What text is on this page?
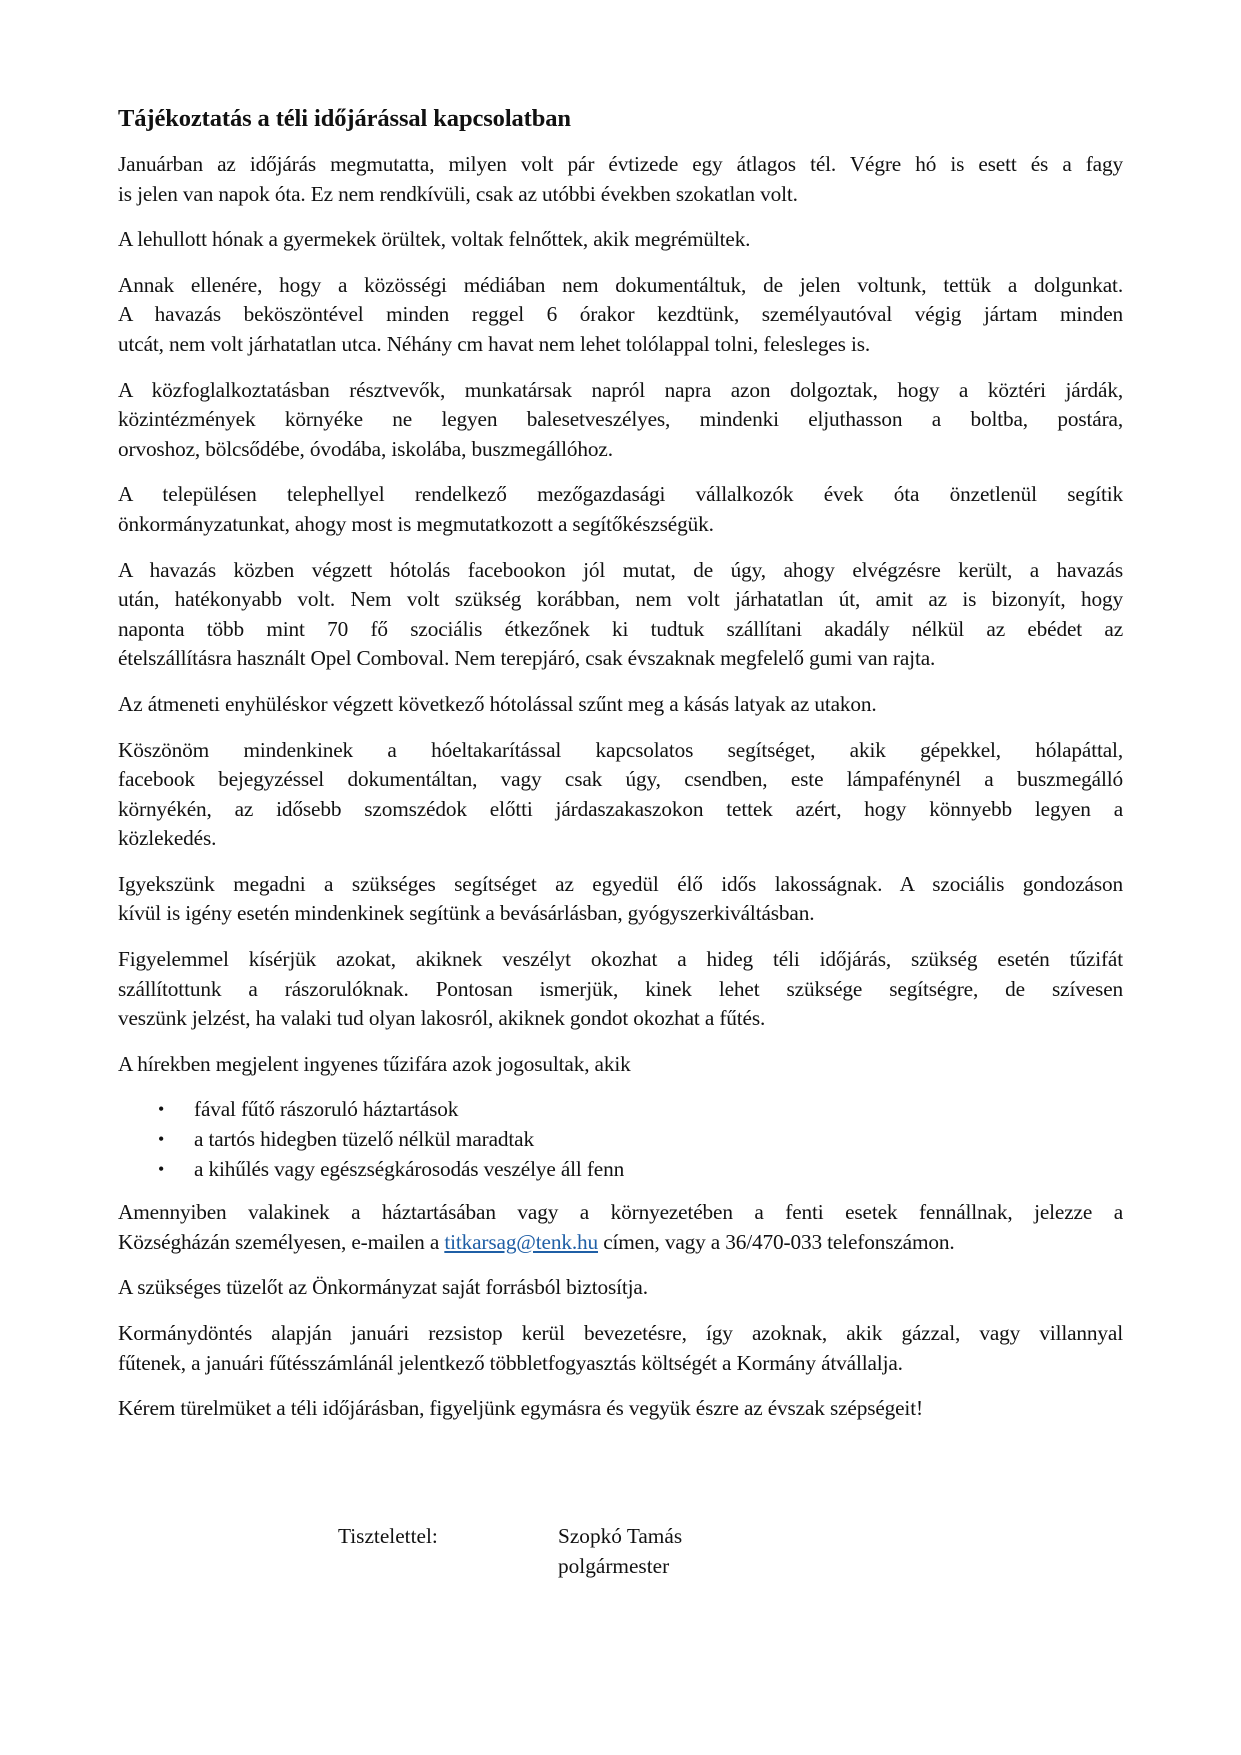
Tájékoztatás a téli időjárással kapcsolatban

Januárban az időjárás megmutatta, milyen volt pár évtizede egy átlagos tél. Végre hó is esett és a fagy
is jelen van napok óta. Ez nem rendkívüli, csak az utóbbi években szokatlan volt.

A lehullott hónak a gyermekek örültek, voltak felnőttek, akik megrémültek.

Annak ellenére, hogy a közösségi médiában nem dokumentáltuk, de jelen voltunk, tettük a dolgunkat.
A havazás beköszöntével minden reggel 6 órakor kezdtünk, személyautóval végig jártam minden
utcát, nem volt járhatatlan utca. Néhány cm havat nem lehet tolólappal tolni, felesleges is.

A közfoglalkoztatásban résztvevők, munkatársak napról napra azon dolgoztak, hogy a köztéri járdák,
közintézmények környéke ne legyen balesetveszélyes, mindenki eljuthasson a boltba, postára,
orvoshoz, bölcsődébe, óvodába, iskolába, buszmegállóhoz.

A településen telephellyel rendelkező mezőgazdasági vállalkozók évek óta önzetlenül segítik
önkormányzatunkat, ahogy most is megmutatkozott a segítőkészségük.

A havazás közben végzett hótolás facebookon jól mutat, de úgy, ahogy elvégzésre került, a havazás
után, hatékonyabb volt. Nem volt szükség korábban, nem volt járhatatlan út, amit az is bizonyít, hogy
naponta több mint 70 fő szociális étkezőnek ki tudtuk szállítani akadály nélkül az ebédet az
ételszállításra használt Opel Comboval. Nem terepjáró, csak évszaknak megfelelő gumi van rajta.

Az átmeneti enyhüléskor végzett következő hótolással szűnt meg a kásás latyak az utakon.

Köszönöm mindenkinek a hóeltakarítással kapcsolatos segítséget, akik gépekkel, hólapáttal,
facebook bejegyzéssel dokumentáltan, vagy csak úgy, csendben, este lámpafénynél a buszmegálló
környékén, az idősebb szomszédok előtti járdaszakaszokon tettek azért, hogy könnyebb legyen a
közlekedés.

Igyekszünk megadni a szükséges segítséget az egyedül élő idős lakosságnak. A szociális gondozáson
kívül is igény esetén mindenkinek segítünk a bevásárlásban, gyógyszerkiváltásban.

Figyelemmel kísérjük azokat, akiknek veszélyt okozhat a hideg téli időjárás, szükség esetén tűzifát
szállítottunk a rászorulóknak. Pontosan ismerjük, kinek lehet szüksége segítségre, de szívesen
veszünk jelzést, ha valaki tud olyan lakosról, akiknek gondot okozhat a fűtés.

A hírekben megjelent ingyenes tűzifára azok jogosultak, akik

• fával fűtő rászoruló háztartások
• a tartós hidegben tüzelő nélkül maradtak
• a kihűlés vagy egészségkárosodás veszélye áll fenn

Amennyiben valakinek a háztartásában vagy a környezetében a fenti esetek fennállnak, jelezze a
Községházán személyesen, e-mailen a titkarsag@tenk.hu címen, vagy a 36/470-033 telefonszámon.

A szükséges tüzelőt az Önkormányzat saját forrásból biztosítja.

Kormánydöntés alapján januári rezsistop kerül bevezetésre, így azoknak, akik gázzal, vagy villannyal
fűtenek, a januári fűtésszámlánál jelentkező többletfogyasztás költségét a Kormány átvállalja.

Kérem türelmüket a téli időjárásban, figyeljünk egymásra és vegyük észre az évszak szépségeit!

Tisztelettel:	Szopkó Tamás
polgármester
